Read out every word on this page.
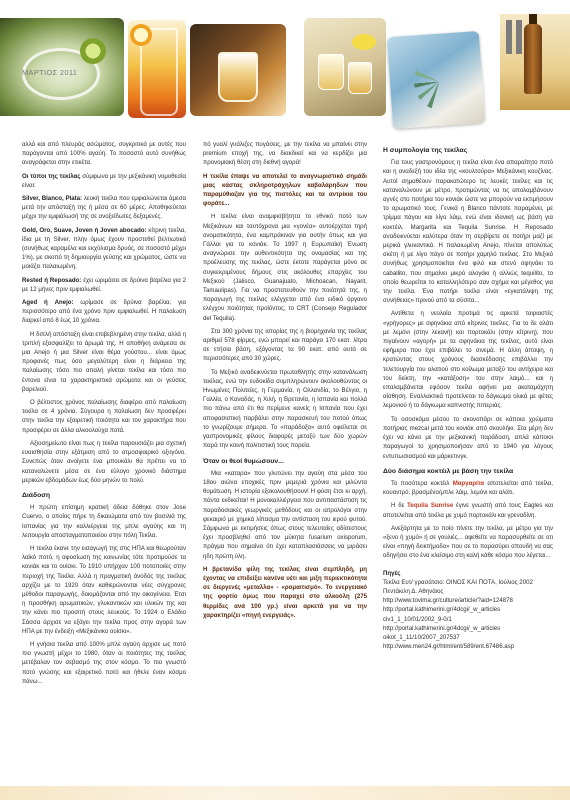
ΜΑΡΤΙΟΣ 2011

αλλά και από πλευράς ασώματος, συγκριτικά με αυτές που παράγονται από 100% αγαύη. Το ποσοστό αυτό συνήθως αναγράφεται στην ετικέτα.

Οι τύποι της τεκίλας σύμφωνα με την μεξικάνικη νομοθεσία είναι:

Silver, Blanco, Plata: λευκή τεκίλα που εμφιαλώνεται άμεσα μετά την απόσταξή της ή μέσα σε 60 μέρες. Αποθηκεύεται μέχρι την εμφιάλωσή της σε ανοξείδωτες δεξαμενές.

Gold, Oro, Suave, Joven ή Joven abocado: κίτρινη τεκίλα, ίδια με τη Silver, πλην όμως έχουν προστεθεί βελτιωτικά (συνήθως καραμέλα και εκχύλισμα δρυός, σε ποσοστό μέχρι 1%), με σκοπό τη δημιουργία γεύσης και χρώματος, ώστε να μοιάζει παλαιωμένη.

Rested ή Reposado: έχει ωριμάσει σε δρύινα βαρέλια για 2 με 12 μήνες πριν εμφιαλωθεί.

Aged ή Anejo: ωρίμασε σε δρύινα βαρέλια, για περισσότερο από ένα χρόνο πριν εμφιαλωθεί. Η παλαίωση διαρκεί από 8 έως 10 χρόνια.

Η διπλή απόσταξη είναι επιβεβλημένη στην τεκίλα, αλλά η τριπλή εξασφαλίζει το άρωμά της. Η αποθήκη ανάμεσα σε μια Anejo ή μια Silver είναι θέμα γούστου... είναι όμως προφανές πως όσο μεγαλύτερη είναι η διάρκεια της παλαίωσης τόσο πιο απαλή γίνεται τεκίλα και τόσο πιο έντονα είναι τα χαρακτηριστικά αρώματα και οι γεύσεις βαρελιού.

Ο βέλτιστος χρόνος παλαίωσης διαφέρει από παλαίωση τεκίλα σε 4 χρόνια. Σύγουρα η παλαίωση δεν προσφέρει στην τεκίλα την εξαιρετική ποιότητα και τον χαρακτήρα που προσφέρει σε άλλα αλκοολούχα ποτά.

Αξιοσημείωτο είναι πως η τεκίλα παρουσιάζει μια σχετική ευαισθησία στην εξάτμιση από το ατμοσφαιρικό οξυγόνο. Συνεπώς όταν ανοίγετε ένα μπουκάλι θα πρέπει να το καταναλώνετε μέσα σε ένα εύλογο χρονικό διάστημα μερικών εβδομάδων έως δύο μηνών το πολύ.

Διάδοση

Η πρώτη επίσημη κρατική άδεια δόθηκε στον Jose Cuervo, ο οποίος πήρε τη δικαιώματα από τον βασιλιά της Ισπανίας για την καλλιέργεια της μπλε αγαύης και τη λειτουργία αποσταγματοποιείου στην πόλη Τεκίλα.

Η τεκίλα έκανε την εισαγωγή της στις ΗΠΑ και θεωρούταν λαϊκό ποτό, η αφοσίωση της κοινωνίας τότε προτιμούσε τα κονιάκ και το ουίσκι. Το 1910 υπήρχαν 100 ποτοποιίες στην περιοχή της Τεκίλα. Αλλά η πραγματική άνοδός της τεκίλας αρχίζει με το 1920 όταν καθιερώνονται νέες σύγχρονες μέθοδοι παραγωγής, δοκιμάζονται από την οικογένεια. Έτσι η προσθήκη αρωματικών, γλυκαντικών και υλικών της και την κάνει πιο προσιτή στους λευκούς. Το 1924 ο Ελάδιο Σάσσα άρχισε να εξάγει την τεκίλα προς στην αγορά των ΗΠΑ με την ένδειξη «Μεξικάνικο ουίσκι».

Η γνήσια τεκίλα από 100% μπλε αγαύη άρχισε ως ποτό πιο γνωστή μέχρι το 1980, όταν οι ποιότητες της τεκίλας μετέβαλαν τον σεβασμό της στον κόσμο. Το πιο γνωστό ποτό γνώσης και εξαιρετικό ποτό και ήθελε έναν κόσμο πάνω...

πό γυαλί γυάλιζες πυγάσεις, με την τεκίλα να μπαίνει στην premium εποχή της, να διακδικεί και να κερδίζει μια προνομιακή θέση στη διεθνή αγορά!

Η τεκίλα έπαψε να αποτελεί το αναγνωριστικό σημάδι μιας κάστας σκληροτράχηλων καβαλάρηδων που παραμύθιαζαν για της πιστόλες και τα αντρίκια του φοράτε...

Η τεκίλα είναι αναμφισβήτητα το εθνικό ποτό των Μεξικάνων και ταυτόχρονα μια «γονέα» αυτοέρχεται τηρή ονοματικότητα, ένα καμπράκιναν για αυτήν όπως και για Γάλλοι για το κονιάκ. Το 1997 η Ευρωπαϊκή Ένωση αναγνώρισε την αυθεντικότητα της ονομασίας και της προέλευσης της τεκίλας, ώστε έκτοτε παράγεται μόνο σε συγκεκριμένους δήμους στις ακόλουθες επαρχίες του Μεξικού (Jalisco, Guanajuato, Michoacan, Nayarit, Tamaulipas). Για να προστατευθούν την ποιότητά της, η παραγωγή της τεκίλας ελέγχεται από ένα ειδικό όργανο ελέγχου ποιότητας προϊόντος, το CRT (Consejo Regulador del Tequila).

Στα 300 χρόνια της ιστορίας της η βιομηχανία της τεκίλας αριθμεί 578 φίρμες, ενώ μπορεί και παράγει 170 εκατ. λίτρα σε ετήσια βάση, εξάγοντας τα 90 εκατ. από αυτά σε περισσότερες από 30 χώρες.

Το Μεξικό αναδεικνύεται πρωταθλητής στην κατανάλωση τεκίλας, ενώ την ευδοκίδα συμπληρώνουν ακολουθώντας οι Ηνωμένες Πολιτείες, η Γερμανία, η Ολλανδία, το Βέλγιο, η Γαλλία, ο Καναδάς, η Χιλή, η Βρετανία, η Ισπανία και πολλά πιο πάνω από έτι θα περίμενε κανείς η Ισπανία που έχει αποφασιστική παρβάλει στην παρασκευή του ποτού όπως το γνωρίζουμε σήμερα. Το «παράδοξο» αυτό οφείλεται σε γαστρονομικές φίλους διαφορές μεταξύ των δύο χωρών παρά την κοινή πολιτιστική τους πορεία.

Όταν οι θεοί θυμώσουν...

Μια «καταρα» που γλυτώνει την αγαύη στα μέσα του 18ου αιώνα εποχικές πριν μεμεριά χρόνια και μιλώντα θυμάτωση. Η ιστορία εξακολουθήσουν! Η φύση έτσι κι αρχή, πάντα εκδικείται! Η μονοκαλλιέργεια που αντιπαστάστιση τις παραδοσιακές γεωργικές μεθόδους και οι ιατρολόγοι στην φεκαιριό με χημικά λίπασμα την αντίσταση του ιερού φυτού. Σάμφωνα με εκτιμήσεις όπως στους τελευταίες αδίσεστους έχει προσβληθεί από τον μύκητα fusarium oxisporum, πράγμα που σημαίνει ότι έχει καταπλασιάσσεις να μιράσει ηδη πρώτη ύλη.

Η βρετανίδα φίλη της τεκίλας είναι σεμπληδή, μη έχοντας να επιδείξει κανένα υέτι και μιξη περιεκτικότητα σε διεργενές «μεταλλα» - «ρομαιτισμό». Το ενεργειακό της φορτίο όμως που παραχεί στο αλκοόλη (275 θερμίδες ανά 100 γρ.) είναι αρκετά για να την χαρακτηρίζει «πηγή ενεργειάς».

Η συμπολογία της τεκίλας

Για τους γαστρονόμους η τεκίλα είναι ένα απαραίτητο ποτό και η αναδεξή του ιδέα της «κουλτούρα» Μεξικάνικη κουζίνας. Αυτοί σημαθέουν παρακατώτερο τις λευκές τεκίλες και τις καταναλώνουν με μέτρο, προτιμώντας να τις απολαμβάνουν αγνές στο ποτήρια του κονιάκ ώστε να μπορούν να εκτιμήσουν το αρωματικό τους. Γενικά η Blanco πάντοτε παραμένει, με τρίμμα πάγου και λίγο λάιμ, ενώ είναι ιδανική ως βάση για κοκτέιλ. Margarita και Tequila Sunrise. Η Reposado αναδεικνύεται καλύτερα όταν τη σερβίρετε σε ποτήρι μαζί με μερικά γλυκαντικά. Η παλαιωμένη Anejo, πίνεται απολύτως σκέτη ή με λίγο πάγο σε ποτήρι χαμηλό τεκίλας. Στο Μεξικό συνήθως χρησιμοποιείται ένα φιλό και στενό σφηνάκι το caballito, που σημαίνει μικρό αλογάκι ή αλλιώς tequilito, το οποίο θεωρείται το καταλληλότερο σαν σχήμα και μέγεθος για την τεκίλα. Ένα ποτήρι τεκίλα είναι «εγκατάλιψη της συνήθειας» πρινού από τα σύσιτα...

Αντίθετα η νεολαία προτιμά τις αρκετά ταιριαστές «γρήγορες» με σφηνάκια από κίτρινες τεκίλες. Για το δε αλάτι με λεμόνι (στην λεκανή) και πορτοκάλι (στην κίτρινη), που πιγαίνουν «αγορή» με τα σφηνάκια της τεκίλας, αυτό είναι εφήμερα που έχει επιβάλει το σινεμά. Η άλλη άποψη, η κρατώντας στους χρόνους διασκέδασης επιβάλλει την τελετουργία του αλατιού στο κοίλωμα μεταξύ του αντίχειρα και του δείκτη, την «κατάξοση» του στην λαιμό... και η επαλαμβάνεται εφόσον τεκίλα αφήνει μια ακαταμάχητη αίσθηση. Εναλλακτικά προτείνεται το δάγκωμα ολικά με φέτες λεμονιού ή το δάγκωμα καπνιστής πιπεριάς.

Το οσοσκόμα μέσου το σκονοπάρι σε κάποια χρώματα ποτήριας mezcal μετά του κονιάκ από σκουλήκι. Στα μέρη δεν έχει να κάνει με την μεξικανική παράδοση, απλά κάποιοι παραγωγοί το χρησιμοποιήσαν από το 1940 για λόγους εντυπωσιασμού και μάρκετινγκ.

Δύο διάσημα κοκτέιλ με βάση την τεκίλα

Το ποσότερα κοκτέιλ Μαργαρίτα αποτελείται από τεκίλα, κουαντρό, βρασμένο/μπλε λάιμ, λεμόνι και αλάτι.

Η δε Tequila Sunrise έγινε γνωστή από τους Eagles και αποτελείται από τεκίλα με χυμό πορτοκάλι και γρεναδίνη.

Ανεξάρτητα με το ποίο πίνετε την τεκίλα, με μέτρο για την «ξενο ή χυμό» ή σε γουλιές... αφεθείτε να παρασυρθείτε σε οτι είναι «πηγή δεικτήμοδο» που σε το παρασύρει σπουδή να σας οδηγήσει στο ένα κλείσιμο στη καλή κάθε κόσμο που λέγεται...

Πηγές

Τεκίλα Ευτ/ γρασάτσιο: ΟΙΝΟΣ ΚΑΙ ΠΟΤΑ, Ιούλιος 2002

Πεντάκιλη Δ. Αθηνάιος

http://www.tovima.gr/culture/article/?aid=124878

http://portal.kathimerini.gr/4dcgi/_w_articles

civ1_1_10/01/2002_9-0/1

http://portal.kathimerini.gr/4dcgi/_w_articles

oikot_1_11/10/2007_207537

http://www.men24.gr/html/ent/589/ent.67486.asp
